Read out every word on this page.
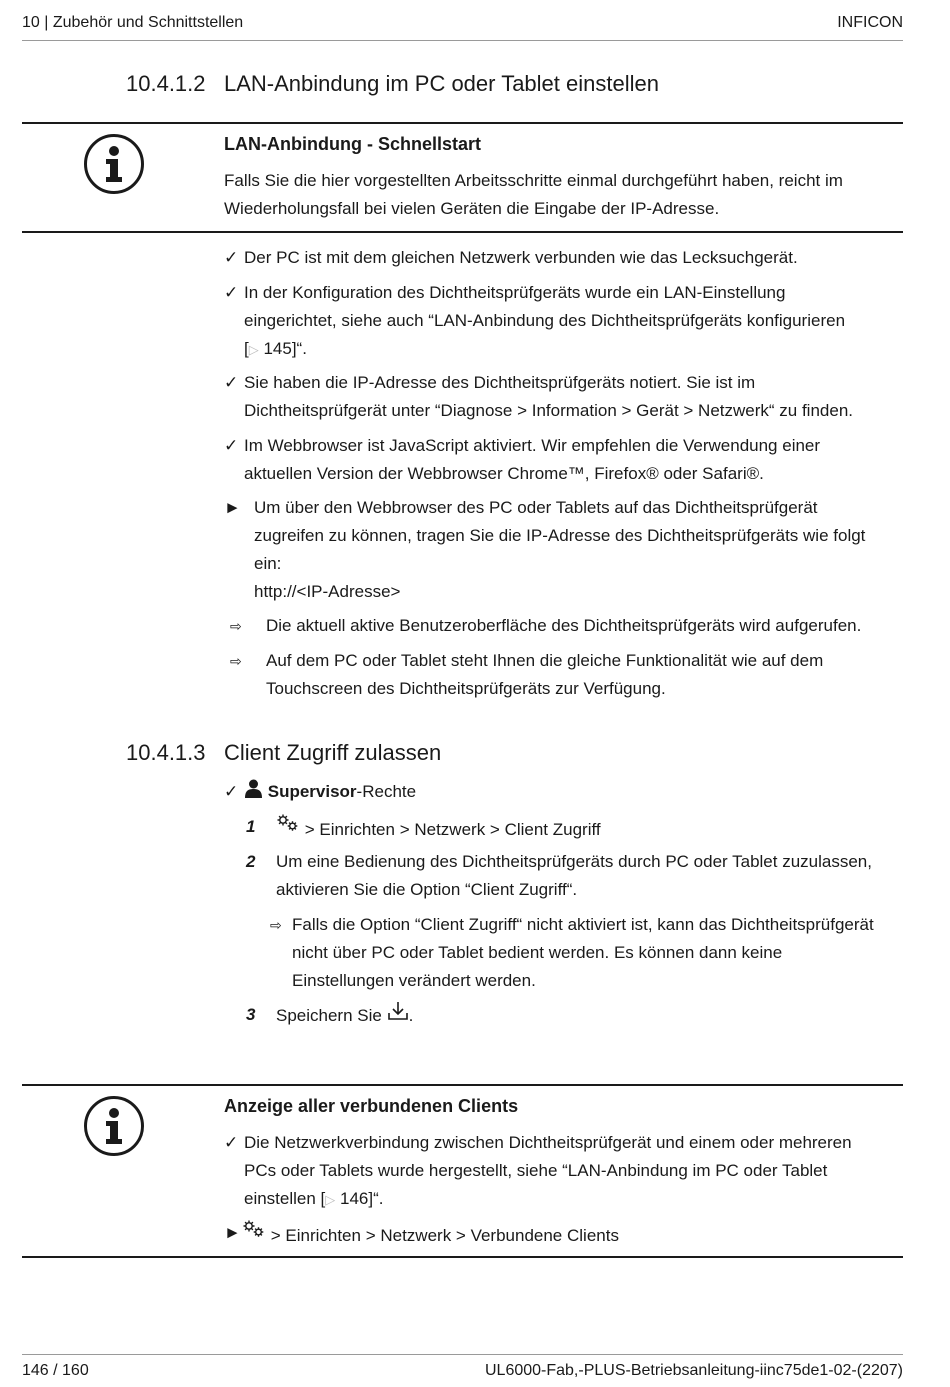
10 | Zubehör und Schnittstellen	INFICON
10.4.1.2 LAN-Anbindung im PC oder Tablet einstellen
LAN-Anbindung - Schnellstart
Falls Sie die hier vorgestellten Arbeitsschritte einmal durchgeführt haben, reicht im
Wiederholungsfall bei vielen Geräten die Eingabe der IP-Adresse.
✓ Der PC ist mit dem gleichen Netzwerk verbunden wie das Lecksuchgerät.
✓ In der Konfiguration des Dichtheitsprüfgeräts wurde ein LAN-Einstellung
eingerichtet, siehe auch “LAN-Anbindung des Dichtheitsprüfgeräts konfigurieren
[▷ 145]“.
✓ Sie haben die IP-Adresse des Dichtheitsprüfgeräts notiert. Sie ist im
Dichtheitsprüfgerät unter “Diagnose > Information > Gerät > Netzwerk“ zu finden.
✓ Im Webbrowser ist JavaScript aktiviert. Wir empfehlen die Verwendung einer
aktuellen Version der Webbrowser Chrome™, Firefox® oder Safari®.
► Um über den Webbrowser des PC oder Tablets auf das Dichtheitsprüfgerät
zugreifen zu können, tragen Sie die IP-Adresse des Dichtheitsprüfgeräts wie folgt
ein:
http://<IP-Adresse>
⇨ Die aktuell aktive Benutzeroberfläche des Dichtheitsprüfgeräts wird aufgerufen.
⇨ Auf dem PC oder Tablet steht Ihnen die gleiche Funktionalität wie auf dem
Touchscreen des Dichtheitsprüfgeräts zur Verfügung.
10.4.1.3 Client Zugriff zulassen
✓	Supervisor-Rechte
1	> Einrichten > Netzwerk > Client Zugriff
2 Um eine Bedienung des Dichtheitsprüfgeräts durch PC oder Tablet zuzulassen,
aktivieren Sie die Option “Client Zugriff“.
⇨ Falls die Option “Client Zugriff“ nicht aktiviert ist, kann das Dichtheitsprüfgerät
nicht über PC oder Tablet bedient werden. Es können dann keine
Einstellungen verändert werden.
3 Speichern Sie .
Anzeige aller verbundenen Clients
✓ Die Netzwerkverbindung zwischen Dichtheitsprüfgerät und einem oder mehreren
PCs oder Tablets wurde hergestellt, siehe “LAN-Anbindung im PC oder Tablet
einstellen [▷ 146]“.
►	> Einrichten > Netzwerk > Verbundene Clients
146 / 160	UL6000-Fab,-PLUS-Betriebsanleitung-iinc75de1-02-(2207)
